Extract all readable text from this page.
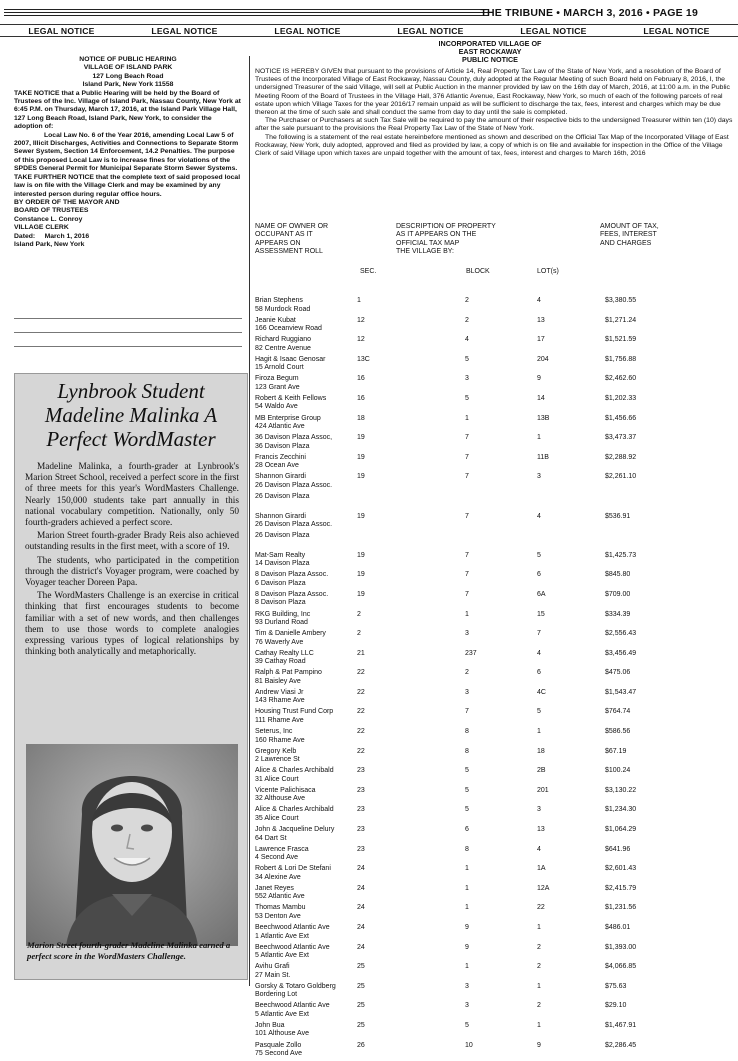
THE TRIBUNE • MARCH 3, 2016 • PAGE 19
LEGAL NOTICE	LEGAL NOTICE	LEGAL NOTICE	LEGAL NOTICE	LEGAL NOTICE	LEGAL NOTICE
NOTICE OF PUBLIC HEARING
VILLAGE OF ISLAND PARK
127 Long Beach Road
Island Park, New York 11558

TAKE NOTICE that a Public Hearing will be held by the Board of Trustees of the Inc. Village of Island Park, Nassau County, New York at 6:45 P.M. on Thursday, March 17, 2016, at the Island Park Village Hall, 127 Long Beach Road, Island Park, New York, to consider the adoption of:

Local Law No. 6 of the Year 2016, amending Local Law 5 of 2007, Illicit Discharges, Activities and Connections to Separate Storm Sewer System, Section 14 Enforcement, 14.2 Penalties. The purpose of this proposed Local Law is to increase fines for violations of the SPDES General Permit for Municipal Separate Storm Sewer Systems.

TAKE FURTHER NOTICE that the complete text of said proposed local law is on file with the Village Clerk and may be examined by any interested person during regular office hours.

BY ORDER OF THE MAYOR AND

BOARD OF TRUSTEES

Constance L. Conroy

VILLAGE CLERK

Dated:     March 1, 2016

Island Park, New York

Lynbrook Student Madeline Malinka A Perfect WordMaster

Madeline Malinka, a fourth-grader at Lynbrook's Marion Street School, received a perfect score in the first of three meets for this year's WordMasters Challenge. Nearly 150,000 students take part annually in this national vocabulary competition. Nationally, only 50 fourth-graders achieved a perfect score.

Marion Street fourth-grader Brady Reis also achieved outstanding results in the first meet, with a score of 19.

The students, who participated in the competition through the district's Voyager program, were coached by Voyager teacher Doreen Papa.

The WordMasters Challenge is an exercise in critical thinking that first encourages students to become familiar with a set of new words, and then challenges them to use those words to complete analogies expressing various types of logical relationships by thinking both analytically and metaphorically.

Marion Street fourth-grader Madeline Malinka earned a perfect score in the WordMasters Challenge.
INCORPORATED VILLAGE OF
EAST ROCKAWAY
PUBLIC NOTICE

NOTICE IS HEREBY GIVEN that pursuant to the provisions of Article 14, Real Property Tax Law of the State of New York, and a resolution of the Board of Trustees of the Incorporated Village of East Rockaway, Nassau County, duly adopted at the Regular Meeting of such Board held on February 8, 2016, I, the undersigned Treasurer of the said Village, will sell at Public Auction in the manner provided by law on the 16th day of March, 2016, at 11:00 a.m. in the Public Meeting Room of the Board of Trustees in the Village Hall, 376 Atlantic Avenue, East Rockaway, New York, so much of each of the following parcels of real estate upon which Village Taxes for the year 2016/17 remain unpaid as will be sufficient to discharge the tax, fees, interest and charges which may be due thereon at the time of such sale and shall conduct the same from day to day until the sale is completed.

The Purchaser or Purchasers at such Tax Sale will be required to pay the amount of their respective bids to the undersigned Treasurer within ten (10) days after the sale pursuant to the provisions the Real Property Tax Law of the State of New York.

The following is a statement of the real estate hereinbefore mentioned as shown and described on the Official Tax Map of the Incorporated Village of East Rockaway, New York, duly adopted, approved and filed as provided by law, a copy of which is on file and available for inspection in the Office of the Village Clerk of said Village upon which taxes are unpaid together with the amount of tax, fees, interest and charges to March 16th, 2016

NAME OF OWNER OR
OCCUPANT AS IT
APPEARS ON
ASSESSMENT ROLL
DESCRIPTION OF PROPERTY
AS IT APPEARS ON THE
OFFICIAL TAX MAP
THE VILLAGE BY:
AMOUNT OF TAX,
FEES, INTEREST
AND CHARGES
SEC.	BLOCK	LOT(s)
Brian Stephens
58 Murdock Road
1	2	4	$3,380.55
Jeanie Kubat
166 Oceanview Road
12	2	13	$1,271.24
Richard Ruggiano
82 Centre Avenue
12	4	17	$1,521.59
Hagit & Isaac Genosar
15 Arnold Court
13C	5	204	$1,756.88
Firoza Begum
123 Grant Ave
16	3	9	$2,462.60
Robert & Keith Fellows
54 Waldo Ave
16	5	14	$1,202.33
MB Enterprise Group
424 Atlantic Ave
18	1	13B	$1,456.66
36 Davison Plaza Assoc,
36 Davison Plaza
19	7	1	$3,473.37
Francis Zecchini
28 Ocean Ave
19	7	11B	$2,288.92
Shannon Girardi
26 Davison Plaza Assoc.
19	7	3	$2,261.10
26 Davison Plaza
Shannon Girardi
26 Davison Plaza Assoc.
19	7	4	$536.91
26 Davison Plaza
Mat-Sam Realty
14 Davison Plaza
19	7	5	$1,425.73
8 Davison Plaza Assoc.
6 Davison Plaza
19	7	6	$845.80
8 Davison Plaza Assoc.
8 Davison Plaza
19	7	6A	$709.00
RKG Building, Inc
93 Durland Road
2	1	15	$334.39
Tim & Danielle Ambery
76 Waverly Ave
2	3	7	$2,556.43
Cathay Realty LLC
39 Cathay Road
21	237	4	$3,456.49
Ralph & Pat Pampino
81 Baisley Ave
22	2	6	$475.06
Andrew Viasi Jr
143 Rhame Ave
22	3	4C	$1,543.47
Housing Trust Fund Corp
111 Rhame Ave
22	7	5	$764.74
Seterus, Inc
160 Rhame Ave
22	8	1	$586.56
Gregory Kelb
2 Lawrence St
22	8	18	$67.19
Alice & Charles Archibald
31 Alice Court
23	5	2B	$100.24
Vicente Palichisaca
32 Althouse Ave
23	5	201	$3,130.22
Alice & Charles Archibald
35 Alice Court
23	5	3	$1,234.30
John & Jacqueline Delury
64 Dart St
23	6	13	$1,064.29
Lawrence Frasca
4 Second Ave
23	8	4	$641.96
Robert & Lori De Stefani
34 Alexine Ave
24	1	1A	$2,601.43
Janet Reyes
552 Atlantic Ave
24	1	12A	$2,415.79
Thomas Mambu
53 Denton Ave
24	1	22	$1,231.56
Beechwood Atlantic Ave
1 Atlantic Ave Ext
24	9	1	$486.01
Beechwood Atlantic Ave
5 Atlantic Ave Ext
24	9	2	$1,393.00
Avihu Grafi
27 Main St.
25	1	2	$4,066.85
Gorsky & Totaro Goldberg
Bordering Lot
25	3	1	$75.63
Beechwood Atlantic Ave
5 Atlantic Ave Ext
25	3	2	$29.10
John Bua
101 Althouse Ave
25	5	1	$1,467.91
Pasquale Zollo
75 Second Ave
26	10	9	$2,286.45
